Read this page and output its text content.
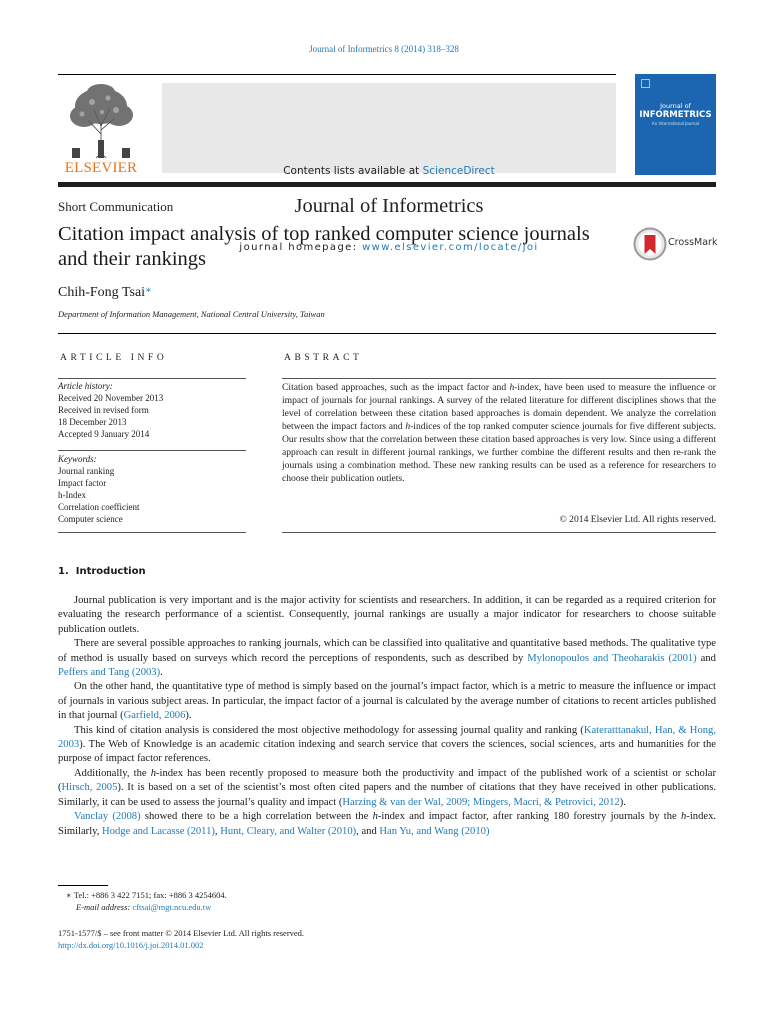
Journal of Informetrics 8 (2014) 318–328
ELSEVIER	Contents lists available at ScienceDirect
Journal of Informetrics
journal homepage: www.elsevier.com/locate/joi
Journal of
INFORMETRICS
An International Journal
Short Communication
Citation impact analysis of top ranked computer science journals and their rankings
CrossMark
Chih-Fong Tsai∗
Department of Information Management, National Central University, Taiwan
ARTICLE INFO
Article history:
Received 20 November 2013
Received in revised form
18 December 2013
Accepted 9 January 2014
Keywords:
Journal ranking
Impact factor
h-Index
Correlation coefficient
Computer science
ABSTRACT
Citation based approaches, such as the impact factor and h-index, have been used to measure the influence or impact of journals for journal rankings. A survey of the related literature for different disciplines shows that the level of correlation between these citation based approaches is domain dependent. We analyze the correlation between the impact factors and h-indices of the top ranked computer science journals for five different subjects. Our results show that the correlation between these citation based approaches is very low. Since using a different approach can result in different journal rankings, we further combine the different results and then re-rank the journals using a combination method. These new ranking results can be used as a reference for researchers to choose their publication outlets.
© 2014 Elsevier Ltd. All rights reserved.
1. Introduction

Journal publication is very important and is the major activity for scientists and researchers. In addition, it can be regarded as a required criterion for evaluating the research performance of a scientist. Consequently, journal rankings are usually a major indicator for researchers to choose suitable publication outlets.

There are several possible approaches to ranking journals, which can be classified into qualitative and quantitative based methods. The qualitative type of method is usually based on surveys which record the perceptions of respondents, such as described by Mylonopoulos and Theoharakis (2001) and Peffers and Tang (2003).

On the other hand, the quantitative type of method is simply based on the journal’s impact factor, which is a metric to measure the influence or impact of journals in various subject areas. In particular, the impact factor of a journal is calculated by the average number of citations to recent articles published in that journal (Garfield, 2006).

This kind of citation analysis is considered the most objective methodology for assessing journal quality and ranking (Kateratttanakul, Han, & Hong, 2003). The Web of Knowledge is an academic citation indexing and search service that covers the sciences, social sciences, arts and humanities for the purpose of impact factor references.

Additionally, the h-index has been recently proposed to measure both the productivity and impact of the published work of a scientist or scholar (Hirsch, 2005). It is based on a set of the scientist’s most often cited papers and the number of citations that they have received in other publications. Similarly, it can be used to assess the journal’s quality and impact (Harzing & van der Wal, 2009; Mingers, Macri, & Petrovici, 2012).

Vanclay (2008) showed there to be a high correlation between the h-index and impact factor, after ranking 180 forestry journals by the h-index. Similarly, Hodge and Lacasse (2011), Hunt, Cleary, and Walter (2010), and Han Yu, and Wang (2010)

∗ Tel.: +886 3 422 7151; fax: +886 3 4254604.
E-mail address: cftsai@mgt.ncu.edu.tw
1751-1577/$ – see front matter © 2014 Elsevier Ltd. All rights reserved.
http://dx.doi.org/10.1016/j.joi.2014.01.002
